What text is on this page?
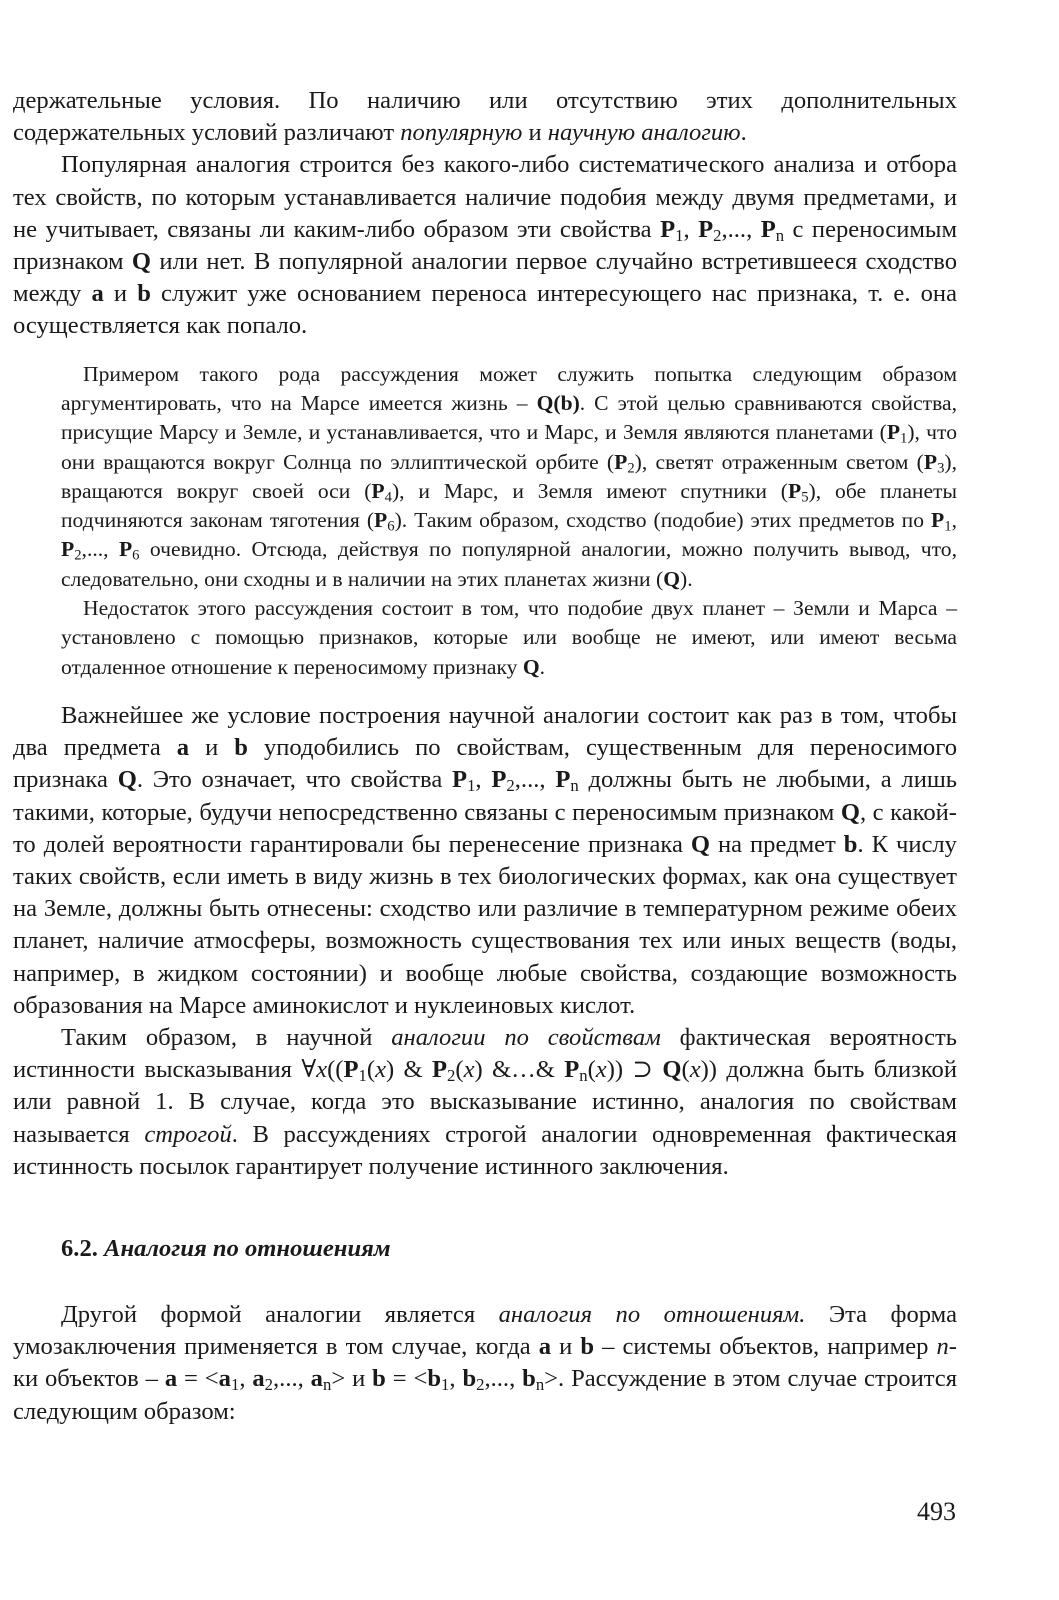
держательные условия. По наличию или отсутствию этих дополнительных содержательных условий различают популярную и научную аналогию.

Популярная аналогия строится без какого-либо систематического анализа и отбора тех свойств, по которым устанавливается наличие подобия между двумя предметами, и не учитывает, связаны ли каким-либо образом эти свойства $P_1$, $P_2$,..., $P_n$ с переносимым признаком Q или нет. В популярной аналогии первое случайно встретившееся сходство между a и b служит уже основанием переноса интересующего нас признака, т. е. она осуществляется как попало.

Примером такого рода рассуждения может служить попытка следующим образом аргументировать, что на Марсе имеется жизнь – Q(b). С этой целью сравниваются свойства, присущие Марсу и Земле, и устанавливается, что и Марс, и Земля являются планетами $(P_1)$, что они вращаются вокруг Солнца по эллиптической орбите $(P_2)$, светят отраженным светом $(P_3)$, вращаются вокруг своей оси $(P_4)$, и Марс, и Земля имеют спутники $(P_5)$, обе планеты подчиняются законам тяготения $(P_6)$. Таким образом, сходство (подобие) этих предметов по $P_1$, $P_2$,..., $P_6$ очевидно. Отсюда, действуя по популярной аналогии, можно получить вывод, что, следовательно, они сходны и в наличии на этих планетах жизни (Q).

Недостаток этого рассуждения состоит в том, что подобие двух планет – Земли и Марса – установлено с помощью признаков, которые или вообще не имеют, или имеют весьма отдаленное отношение к переносимому признаку Q.

Важнейшее же условие построения научной аналогии состоит как раз в том, чтобы два предмета a и b уподобились по свойствам, существенным для переносимого признака Q. Это означает, что свойства $P_1$, $P_2$,..., $P_n$ должны быть не любыми, а лишь такими, которые, будучи непосредственно связаны с переносимым признаком Q, с какой-то долей вероятности гарантировали бы перенесение признака Q на предмет b. К числу таких свойств, если иметь в виду жизнь в тех биологических формах, как она существует на Земле, должны быть отнесены: сходство или различие в температурном режиме обеих планет, наличие атмосферы, возможность существования тех или иных веществ (воды, например, в жидком состоянии) и вообще любые свойства, создающие возможность образования на Марсе аминокислот и нуклеиновых кислот.

Таким образом, в научной аналогии по свойствам фактическая вероятность истинности высказывания $\forall x((P_1(x)$ & $P_2(x)$ &…& $P_n(x)$) ⊃ Q(x)) должна быть близкой или равной 1. В случае, когда это высказывание истинно, аналогия по свойствам называется строгой. В рассуждениях строгой аналогии одновременная фактическая истинность посылок гарантирует получение истинного заключения.

6.2. Аналогия по отношениям

Другой формой аналогии является аналогия по отношениям. Эта форма умозаключения применяется в том случае, когда a и b – системы объектов, например n-ки объектов – $a = <a_1$, $a_2$,..., $a_n> и$ $b = <b_1$, $b_2$,..., $b_n>$. Рассуждение в этом случае строится следующим образом:

493
